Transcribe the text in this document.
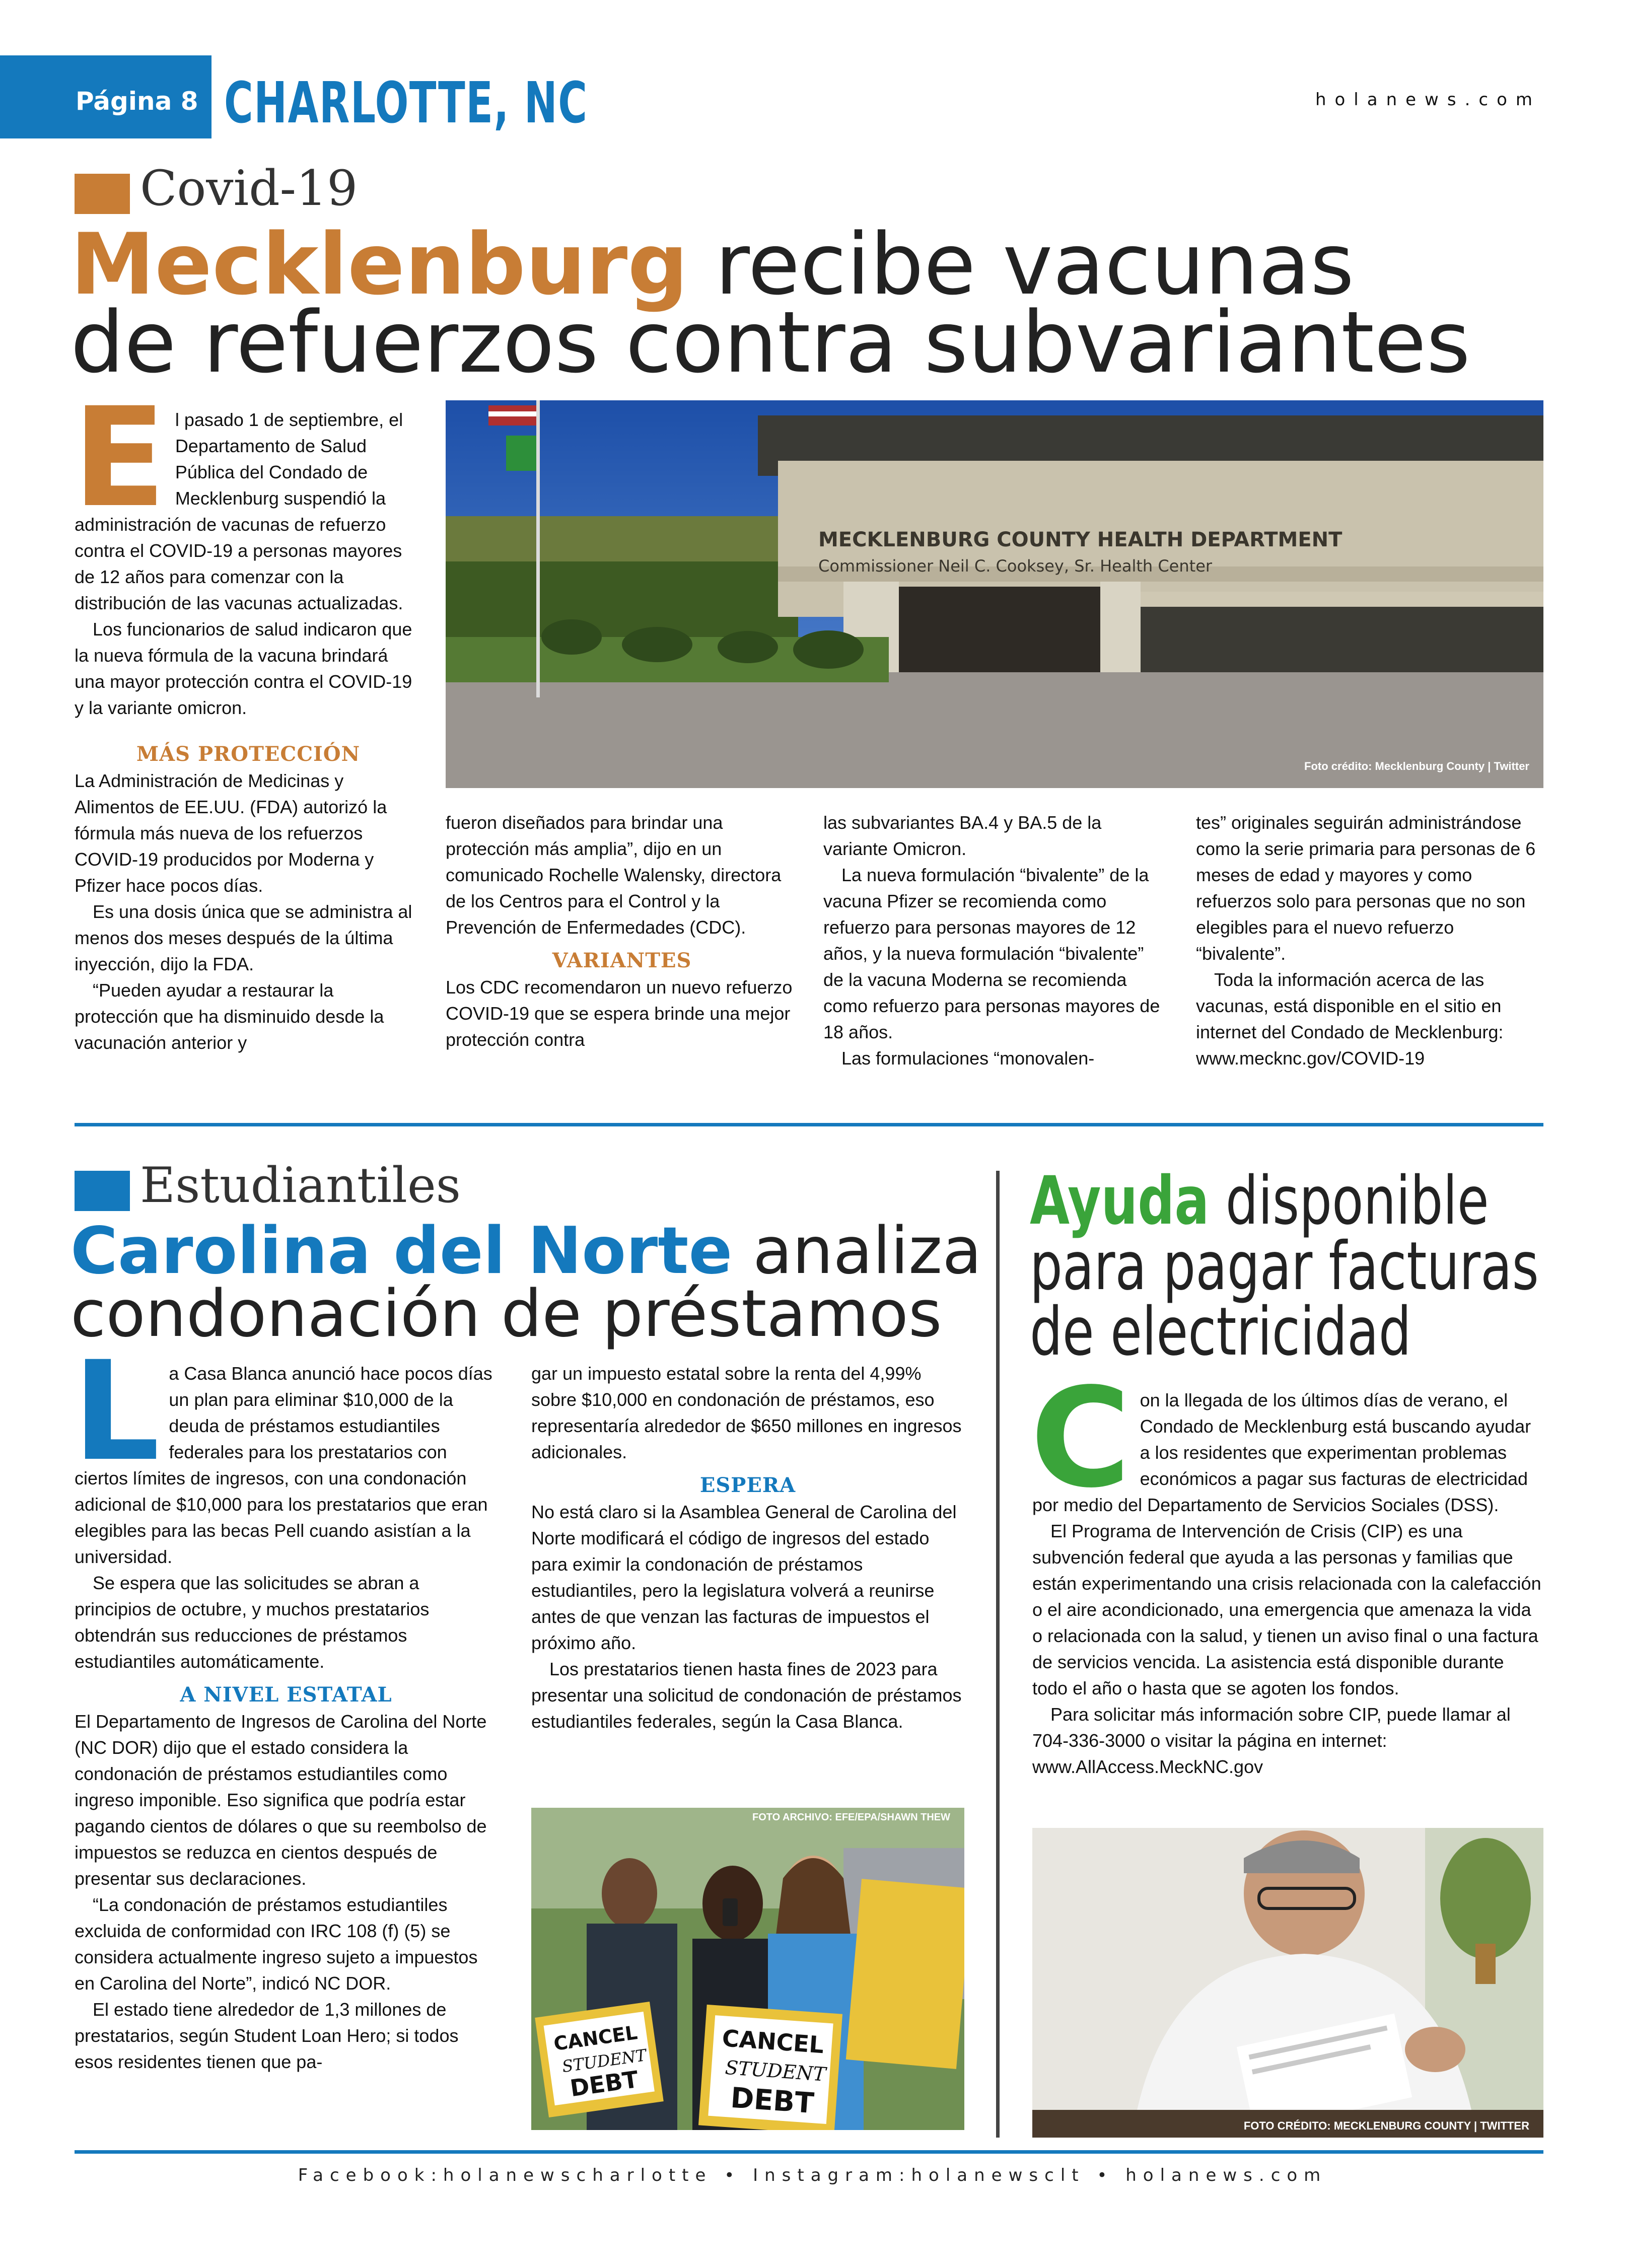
Página 8 CHARLOTTE, NC	holanews.com
Covid-19
Mecklenburg recibe vacunas
de refuerzos contra subvariantes
E l pasado 1 de septiembre, el Departamento de Salud Pública del Condado de Mecklenburg suspendió la administración de vacunas de refuerzo contra el COVID-19 a personas mayores de 12 años para comenzar con la distribución de las vacunas actualizadas.

Los funcionarios de salud indicaron que la nueva fórmula de la vacuna brindará una mayor protección contra el COVID-19 y la variante omicron.

MÁS PROTECCIÓN

La Administración de Medicinas y Alimentos de EE.UU. (FDA) autorizó la fórmula más nueva de los refuerzos COVID-19 producidos por Moderna y Pfizer hace pocos días.

Es una dosis única que se administra al menos dos meses después de la última inyección, dijo la FDA.

“Pueden ayudar a restaurar la protección que ha disminuido desde la vacunación anterior y

MECKLENBURG COUNTY HEALTH DEPARTMENT
Commissioner Neil C. Cooksey, Sr. Health Center
Foto crédito: Mecklenburg County | Twitter

fueron diseñados para brindar una protección más amplia”, dijo en un comunicado Rochelle Walensky, directora de los Centros para el Control y la Prevención de Enfermedades (CDC).

VARIANTES

Los CDC recomendaron un nuevo refuerzo COVID-19 que se espera brinde una mejor protección contra

las subvariantes BA.4 y BA.5 de la variante Omicron.

La nueva formulación “bivalente” de la vacuna Pfizer se recomienda como refuerzo para personas mayores de 12 años, y la nueva formulación “bivalente” de la vacuna Moderna se recomienda como refuerzo para personas mayores de 18 años.

Las formulaciones “monovalen-

tes” originales seguirán administrándose como la serie primaria para personas de 6 meses de edad y mayores y como refuerzos solo para personas que no son elegibles para el nuevo refuerzo “bivalente”.

Toda la información acerca de las vacunas, está disponible en el sitio en internet del Condado de Mecklenburg: www.mecknc.gov/COVID-19

Estudiantiles
Carolina del Norte analiza
condonación de préstamos
L a Casa Blanca anunció hace pocos días un plan para eliminar $10,000 de la deuda de préstamos estudiantiles federales para los prestatarios con ciertos límites de ingresos, con una condonación adicional de $10,000 para los prestatarios que eran elegibles para las becas Pell cuando asistían a la universidad.

Se espera que las solicitudes se abran a principios de octubre, y muchos prestatarios obtendrán sus reducciones de préstamos estudiantiles automáticamente.

A NIVEL ESTATAL

El Departamento de Ingresos de Carolina del Norte (NC DOR) dijo que el estado considera la condonación de préstamos estudiantiles como ingreso imponible. Eso significa que podría estar pagando cientos de dólares o que su reembolso de impuestos se reduzca en cientos después de presentar sus declaraciones.

“La condonación de préstamos estudiantiles excluida de conformidad con IRC 108 (f) (5) se considera actualmente ingreso sujeto a impuestos en Carolina del Norte”, indicó NC DOR.

El estado tiene alrededor de 1,3 millones de prestatarios, según Student Loan Hero; si todos esos residentes tienen que pa-

gar un impuesto estatal sobre la renta del 4,99% sobre $10,000 en condonación de préstamos, eso representaría alrededor de $650 millones en ingresos adicionales.

ESPERA

No está claro si la Asamblea General de Carolina del Norte modificará el código de ingresos del estado para eximir la condonación de préstamos estudiantiles, pero la legislatura volverá a reunirse antes de que venzan las facturas de impuestos el próximo año.

Los prestatarios tienen hasta fines de 2023 para presentar una solicitud de condonación de préstamos estudiantiles federales, según la Casa Blanca.

CANCEL
STUDENT
DEBT
CANCEL
STUDENT
DEBT
FOTO ARCHIVO: EFE/EPA/SHAWN THEW
Ayuda disponible
para pagar facturas
de electricidad
C on la llegada de los últimos días de verano, el Condado de Mecklenburg está buscando ayudar a los residentes que experimentan problemas económicos a pagar sus facturas de electricidad por medio del Departamento de Servicios Sociales (DSS).

El Programa de Intervención de Crisis (CIP) es una subvención federal que ayuda a las personas y familias que están experimentando una crisis relacionada con la calefacción o el aire acondicionado, una emergencia que amenaza la vida o relacionada con la salud, y tienen un aviso final o una factura de servicios vencida. La asistencia está disponible durante todo el año o hasta que se agoten los fondos.

Para solicitar más información sobre CIP, puede llamar al 704-336-3000 o visitar la página en internet: www.AllAccess.MeckNC.gov

FOTO CRÉDITO: MECKLENBURG COUNTY | TWITTER
Facebook:holanewscharlotte • Instagram:holanewsclt • holanews.com
